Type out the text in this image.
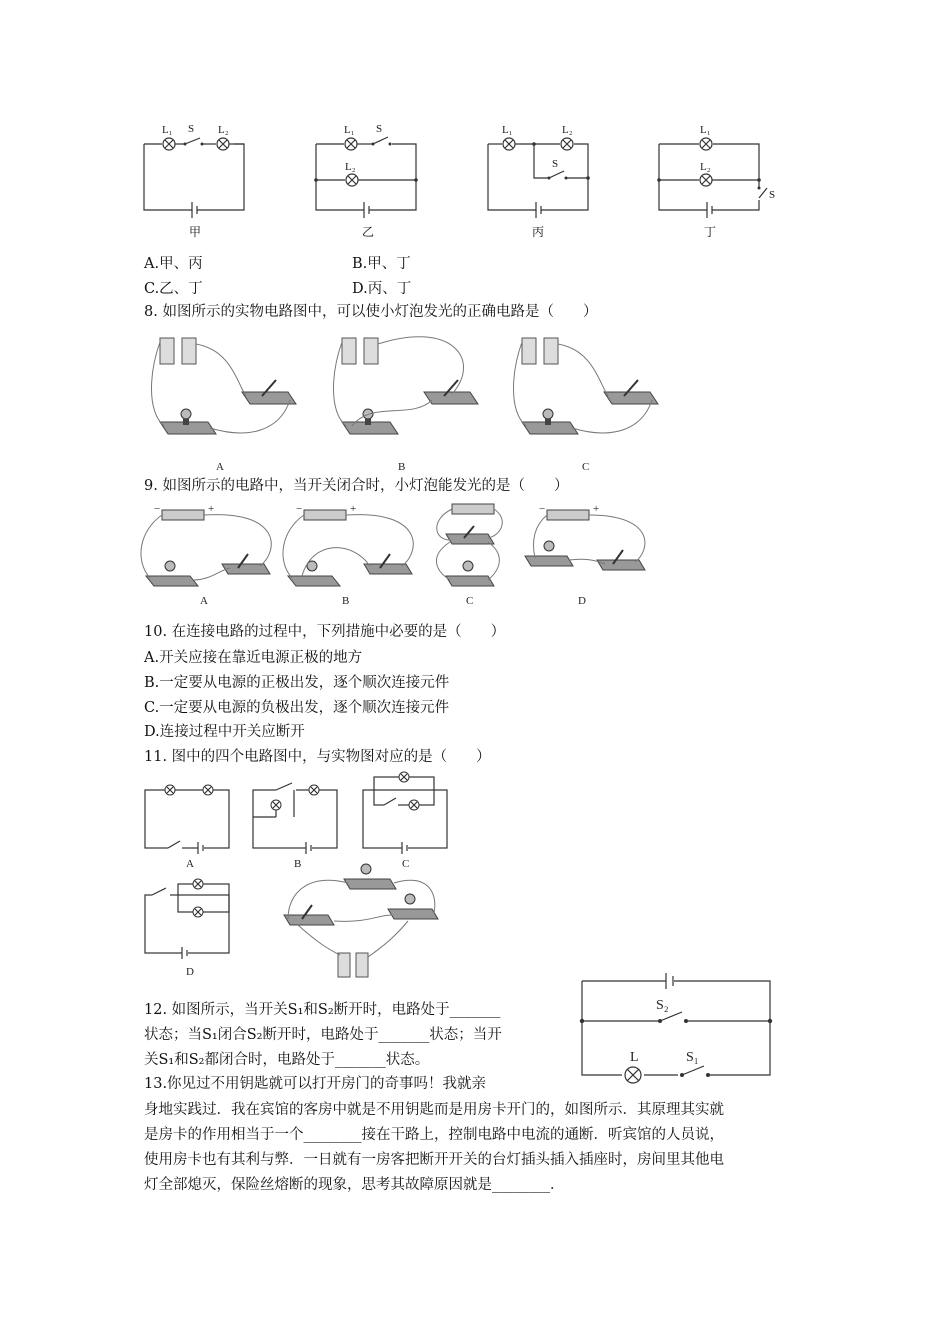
L₁ S L₂
甲
L₁ S
L₂
乙
L₁	L₂
S
丙
L₁
L₂
S
丁
A.甲、丙	B.甲、丁
C.乙、丁	D.丙、丁
8. 如图所示的实物电路图中，可以使小灯泡发光的正确电路是（　　）
A	B	C
9. 如图所示的电路中，当开关闭合时，小灯泡能发光的是（　　）
−	+	−	+	−	+
A	B	C	D
10. 在连接电路的过程中，下列措施中必要的是（　　）
A.开关应接在靠近电源正极的地方
B.一定要从电源的正极出发，逐个顺次连接元件
C.一定要从电源的负极出发，逐个顺次连接元件
D.连接过程中开关应断开
11. 图中的四个电路图中，与实物图对应的是（　　）
A	B	C
D
12. 如图所示，当开关S₁和S₂断开时，电路处于_______
状态；当S₁闭合S₂断开时，电路处于_______状态；当开
关S₁和S₂都闭合时，电路处于_______状态。
S₂
L	S₁
13.你见过不用钥匙就可以打开房门的奇事吗！我就亲
身地实践过．我在宾馆的客房中就是不用钥匙而是用房卡开门的，如图所示．其原理其实就
是房卡的作用相当于一个________接在干路上，控制电路中电流的通断．听宾馆的人员说，
使用房卡也有其利与弊．一日就有一房客把断开开关的台灯插头插入插座时，房间里其他电
灯全部熄灭，保险丝熔断的现象，思考其故障原因就是________．
